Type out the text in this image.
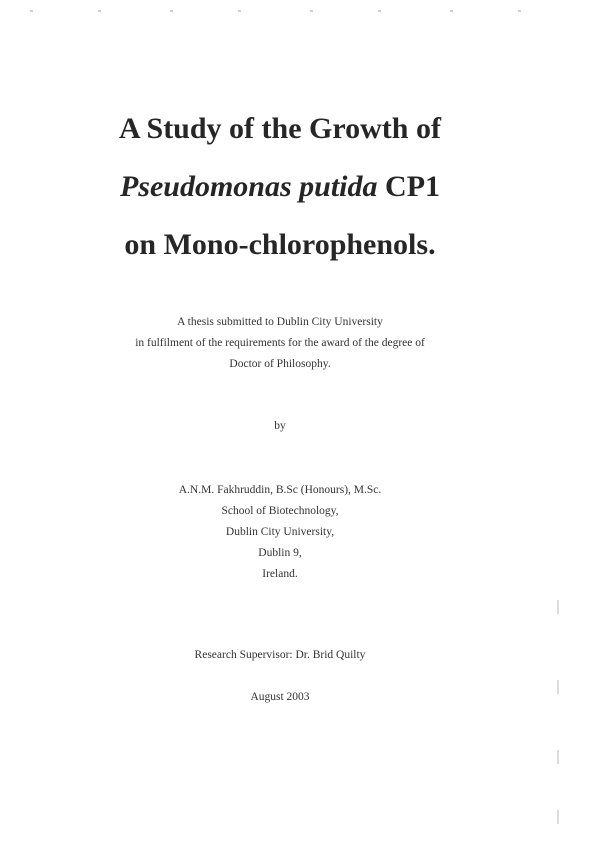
A Study of the Growth of
Pseudomonas putida CP1
on Mono-chlorophenols.
A thesis submitted to Dublin City University
in fulfilment of the requirements for the award of the degree of
Doctor of Philosophy.
by
A.N.M. Fakhruddin, B.Sc (Honours), M.Sc.
School of Biotechnology,
Dublin City University,
Dublin 9,
Ireland.
Research Supervisor: Dr. Brid Quilty
August 2003
